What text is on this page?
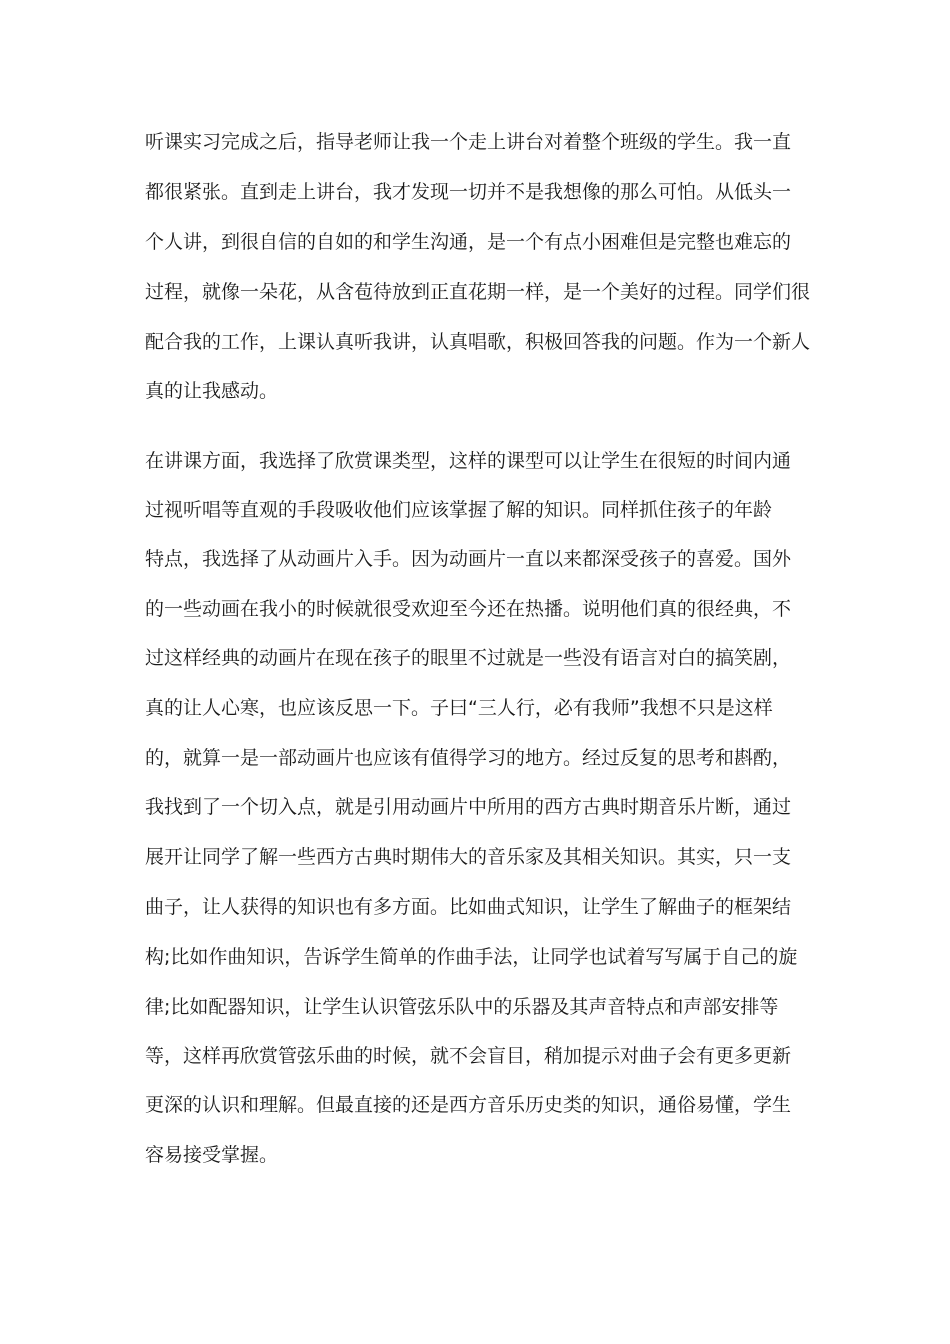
听课实习完成之后，指导老师让我一个走上讲台对着整个班级的学生。我一直

都很紧张。直到走上讲台，我才发现一切并不是我想像的那么可怕。从低头一

个人讲，到很自信的自如的和学生沟通，是一个有点小困难但是完整也难忘的

过程，就像一朵花，从含苞待放到正直花期一样，是一个美好的过程。同学们很

配合我的工作，上课认真听我讲，认真唱歌，积极回答我的问题。作为一个新人

真的让我感动。

在讲课方面，我选择了欣赏课类型，这样的课型可以让学生在很短的时间内通

过视听唱等直观的手段吸收他们应该掌握了解的知识。同样抓住孩子的年龄

特点，我选择了从动画片入手。因为动画片一直以来都深受孩子的喜爱。国外

的一些动画在我小的时候就很受欢迎至今还在热播。说明他们真的很经典，不

过这样经典的动画片在现在孩子的眼里不过就是一些没有语言对白的搞笑剧，

真的让人心寒，也应该反思一下。子曰“三人行，必有我师”我想不只是这样

的，就算一是一部动画片也应该有值得学习的地方。经过反复的思考和斟酌，

我找到了一个切入点，就是引用动画片中所用的西方古典时期音乐片断，通过

展开让同学了解一些西方古典时期伟大的音乐家及其相关知识。其实，只一支

曲子，让人获得的知识也有多方面。比如曲式知识，让学生了解曲子的框架结

构;比如作曲知识，告诉学生简单的作曲手法，让同学也试着写写属于自己的旋

律;比如配器知识，让学生认识管弦乐队中的乐器及其声音特点和声部安排等

等，这样再欣赏管弦乐曲的时候，就不会盲目，稍加提示对曲子会有更多更新

更深的认识和理解。但最直接的还是西方音乐历史类的知识，通俗易懂，学生

容易接受掌握。
